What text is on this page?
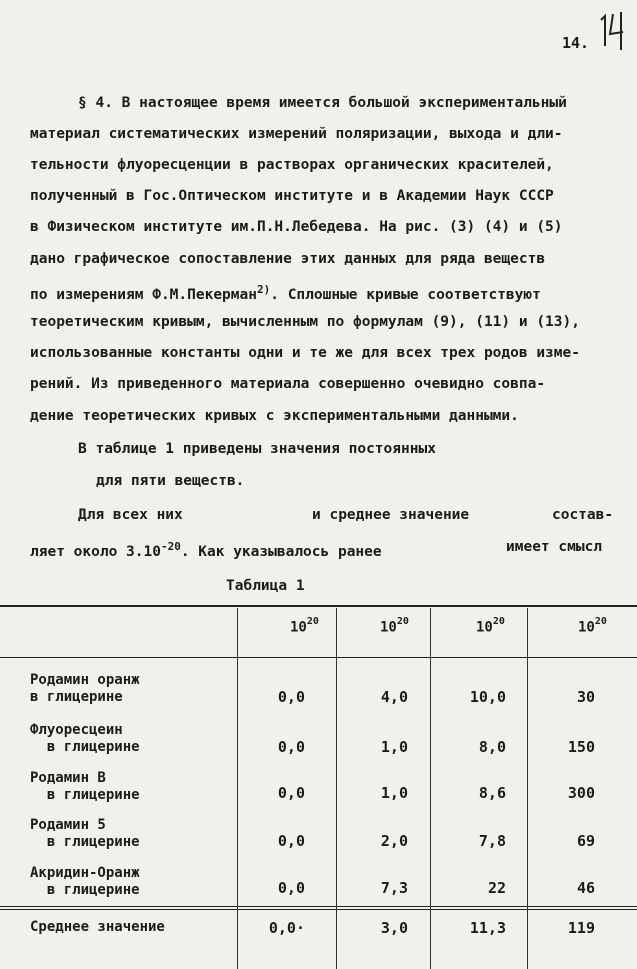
14.
§ 4. В настоящее время имеется большой экспериментальный
материал систематических измерений поляризации, выхода и дли-
тельности флуоресценции в растворах органических красителей,
полученный в Гос.Оптическом институте и в Академии Наук СССР
в Физическом институте им.П.Н.Лебедева. На рис. (3) (4) и (5)
дано графическое сопоставление этих данных для ряда веществ
по измерениям Ф.М.Пекерман$^{2)}$. Сплошные кривые соответствуют
теоретическим кривым, вычисленным по формулам (9), (11) и (13),
использованные константы одни и те же для всех трех родов изме-
рений. Из приведенного материала совершенно очевидно совпа-
дение теоретических кривых с экспериментальными данными.
В таблице 1 приведены значения постоянных
для пяти веществ.
Для всех них	и среднее значение	состав-
ляет около $3.10^{-20}$. Как указывалось ранее	имеет смысл
Таблица 1
$10^{20}$	$10^{20}$	$10^{20}$	$10^{20}$
Родамин оранж
в глицерине	0,0	4,0	10,0	30
Флуоресцеин
в глицерине	0,0	1,0	8,0	150
Родамин В
в глицерине	0,0	1,0	8,6	300
Родамин 5
в глицерине	0,0	2,0	7,8	69
Акридин-Оранж
в глицерине	0,0	7,3	22	46
Среднее значение	0,0·	3,0	11,3	119
